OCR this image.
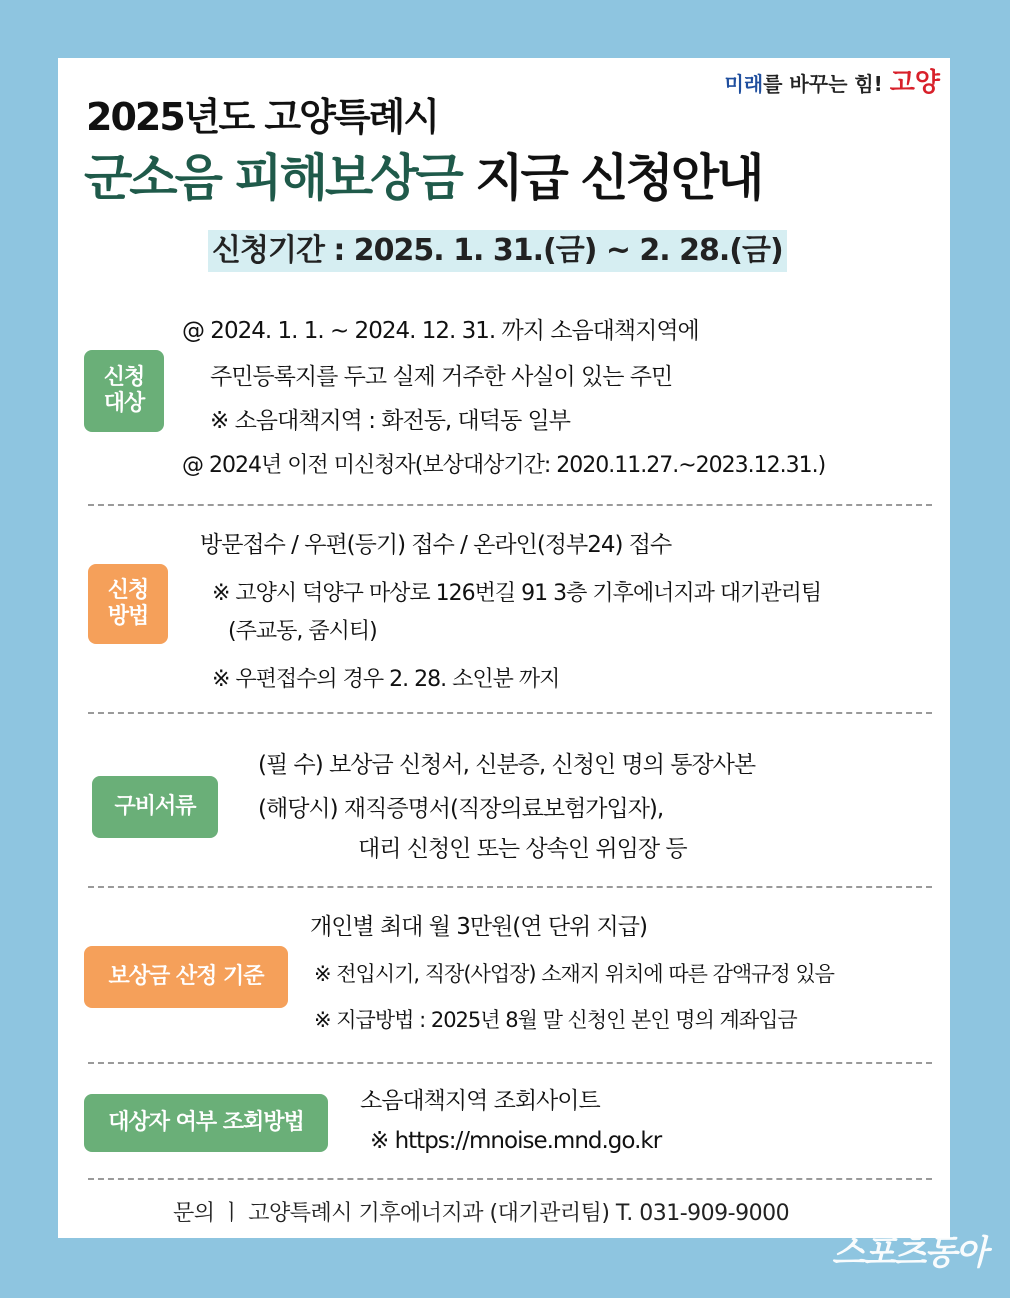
미래를 바꾸는 힘! 고양
2025년도 고양특례시
군소음 피해보상금 지급 신청안내
신청기간 : 2025. 1. 31.(금) ~ 2. 28.(금)
신청
대상
@ 2024. 1. 1. ~ 2024. 12. 31. 까지 소음대책지역에
주민등록지를 두고 실제 거주한 사실이 있는 주민
※ 소음대책지역 : 화전동, 대덕동 일부
@ 2024년 이전 미신청자(보상대상기간: 2020.11.27.~2023.12.31.)
신청
방법
방문접수 / 우편(등기) 접수 / 온라인(정부24) 접수
※ 고양시 덕양구 마상로 126번길 91 3층 기후에너지과 대기관리팀
(주교동, 줌시티)
※ 우편접수의 경우 2. 28. 소인분 까지
구비서류
(필 수) 보상금 신청서, 신분증, 신청인 명의 통장사본
(해당시) 재직증명서(직장의료보험가입자),
대리 신청인 또는 상속인 위임장 등
보상금 산정 기준
개인별 최대 월 3만원(연 단위 지급)
※ 전입시기, 직장(사업장) 소재지 위치에 따른 감액규정 있음
※ 지급방법 : 2025년 8월 말 신청인 본인 명의 계좌입금
대상자 여부 조회방법
소음대책지역 조회사이트
※ https://mnoise.mnd.go.kr
문의 ㅣ 고양특례시 기후에너지과 (대기관리팀) T. 031-909-9000
스포츠동아
